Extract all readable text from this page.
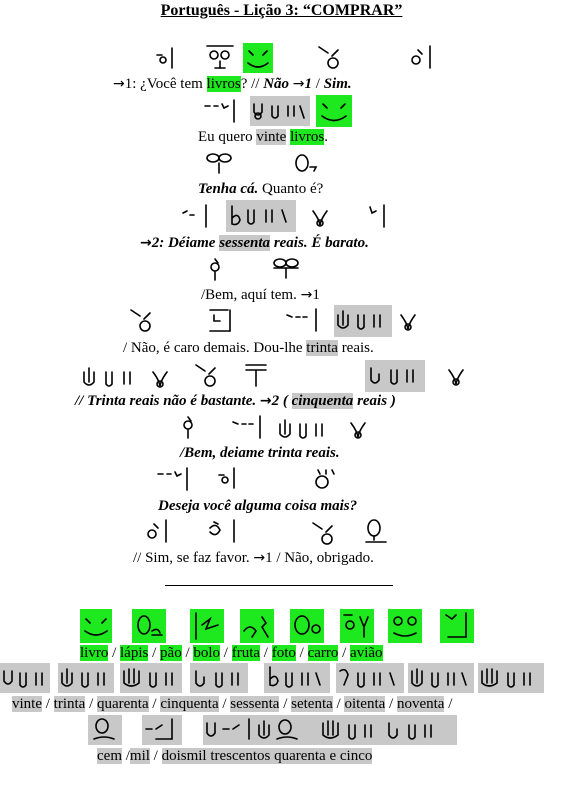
Português - Lição 3: “COMPRAR”
→1: ¿Você tem livros? // Não →1 / Sim.
Eu quero vinte livros.
Tenha cá. Quanto é?
→2: Déiame sessenta reais. É barato.
/Bem, aquí tem. →1
/ Não, é caro demais. Dou-lhe trinta reais.
// Trinta reais não é bastante. →2 ( cinquenta reais )
/Bem, deiame trinta reais.
Deseja você alguma coisa mais?
// Sim, se faz favor. →1 / Não, obrigado.
livro / lápis / pão / bolo / fruta / foto / carro / avião
vinte / trinta / quarenta / cinquenta / sessenta / setenta / oitenta / noventa /
cem /mil / doismil trescentos quarenta e cinco
